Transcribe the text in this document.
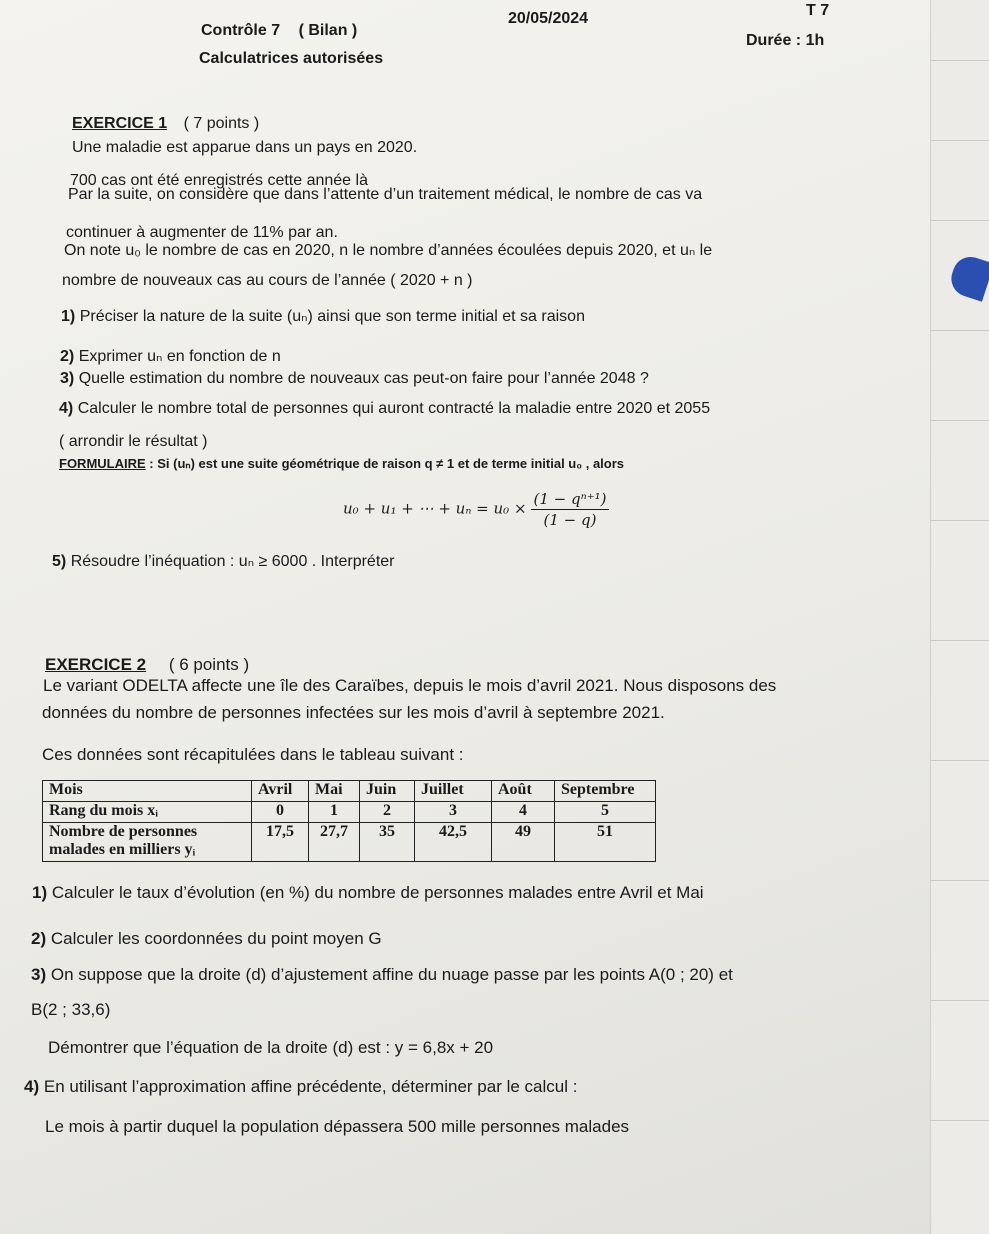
Contrôle 7 ( Bilan )
20/05/2024	T 7
Durée : 1h
Calculatrices autorisées
EXERCICE 1 ( 7 points )
Une maladie est apparue dans un pays en 2020.
700 cas ont été enregistrés cette année là
Par la suite, on considère que dans l’attente d’un traitement médical, le nombre de cas va
continuer à augmenter de 11% par an.
On note u₀ le nombre de cas en 2020, n le nombre d’années écoulées depuis 2020, et uₙ le
nombre de nouveaux cas au cours de l’année ( 2020 + n )
1) Préciser la nature de la suite (uₙ) ainsi que son terme initial et sa raison
2) Exprimer uₙ en fonction de n
3) Quelle estimation du nombre de nouveaux cas peut-on faire pour l’année 2048 ?
4) Calculer le nombre total de personnes qui auront contracté la maladie entre 2020 et 2055
( arrondir le résultat )
FORMULAIRE : Si (uₙ) est une suite géométrique de raison q ≠ 1 et de terme initial u₀ , alors
u₀ + u₁ + ⋯ + $u_n = u_0 \times \frac{\text{(1 − qⁿ⁺¹)}}{(1 - q)}$
5) Résoudre l’inéquation : uₙ ≥ 6000 . Interpréter
EXERCICE 2 ( 6 points )
Le variant ODELTA affecte une île des Caraïbes, depuis le mois d’avril 2021. Nous disposons des
données du nombre de personnes infectées sur les mois d’avril à septembre 2021.
Ces données sont récapitulées dans le tableau suivant :
Mois	Avril	Mai	Juin	Juillet	Août	Septembre
Rang du mois xᵢ	0	1	2	3	4	5

Nombre de personnes
malades en milliers yᵢ	17,5	27,7	35	42,5	49	51
1) Calculer le taux d’évolution (en %) du nombre de personnes malades entre Avril et Mai
2) Calculer les coordonnées du point moyen G
3) On suppose que la droite (d) d’ajustement affine du nuage passe par les points A(0 ; 20) et
B(2 ; 33,6)
Démontrer que l’équation de la droite (d) est : y = 6,8x + 20
4) En utilisant l’approximation affine précédente, déterminer par le calcul :
Le mois à partir duquel la population dépassera 500 mille personnes malades
